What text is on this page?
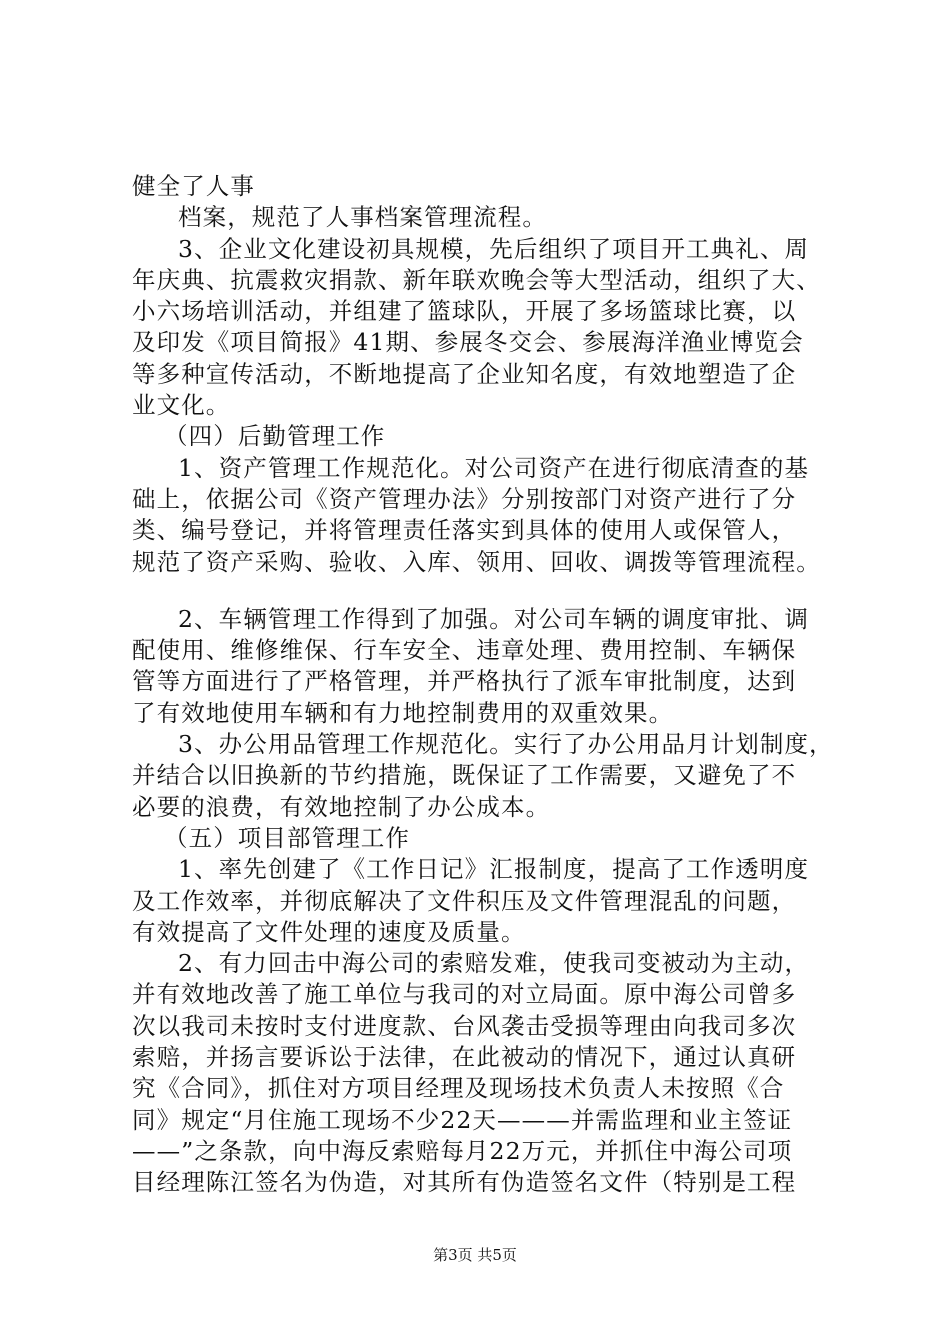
健全了人事
档案，规范了人事档案管理流程。
3、企业文化建设初具规模，先后组织了项目开工典礼、周
年庆典、抗震救灾捐款、新年联欢晚会等大型活动，组织了大、
小六场培训活动，并组建了篮球队，开展了多场篮球比赛，以
及印发《项目简报》41期、参展冬交会、参展海洋渔业博览会
等多种宣传活动，不断地提高了企业知名度，有效地塑造了企
业文化。
（四）后勤管理工作
1、资产管理工作规范化。对公司资产在进行彻底清查的基
础上，依据公司《资产管理办法》分别按部门对资产进行了分
类、编号登记，并将管理责任落实到具体的使用人或保管人，
规范了资产采购、验收、入库、领用、回收、调拨等管理流程。
2、车辆管理工作得到了加强。对公司车辆的调度审批、调
配使用、维修维保、行车安全、违章处理、费用控制、车辆保
管等方面进行了严格管理，并严格执行了派车审批制度，达到
了有效地使用车辆和有力地控制费用的双重效果。
3、办公用品管理工作规范化。实行了办公用品月计划制度，
并结合以旧换新的节约措施，既保证了工作需要，又避免了不
必要的浪费，有效地控制了办公成本。
（五）项目部管理工作
1、率先创建了《工作日记》汇报制度，提高了工作透明度
及工作效率，并彻底解决了文件积压及文件管理混乱的问题，
有效提高了文件处理的速度及质量。
2、有力回击中海公司的索赔发难，使我司变被动为主动，
并有效地改善了施工单位与我司的对立局面。原中海公司曾多
次以我司未按时支付进度款、台风袭击受损等理由向我司多次
索赔，并扬言要诉讼于法律，在此被动的情况下，通过认真研
究《合同》，抓住对方项目经理及现场技术负责人未按照《合
同》规定“月住施工现场不少22天———并需监理和业主签证
——”之条款，向中海反索赔每月22万元，并抓住中海公司项
目经理陈江签名为伪造，对其所有伪造签名文件（特别是工程
第3页 共5页
